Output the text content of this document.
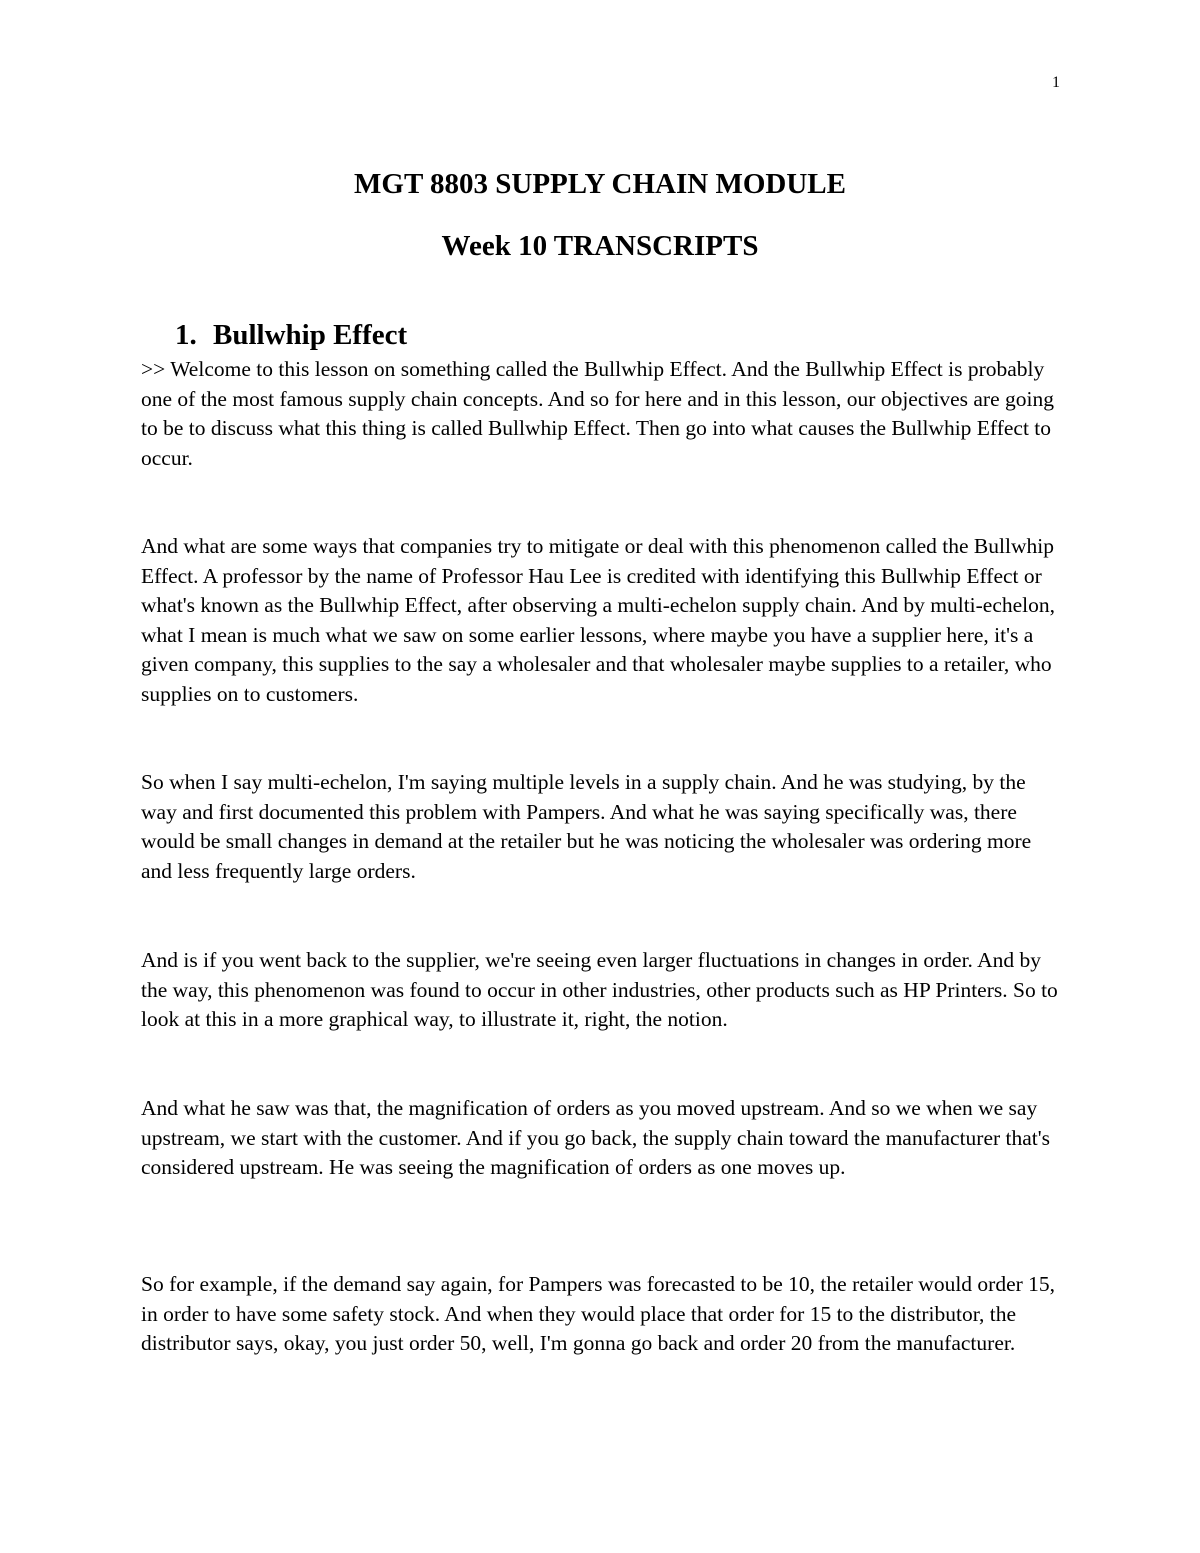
1
MGT 8803 SUPPLY CHAIN MODULE
Week 10 TRANSCRIPTS
1. Bullwhip Effect

>> Welcome to this lesson on something called the Bullwhip Effect. And the Bullwhip Effect is probably one of the most famous supply chain concepts. And so for here and in this lesson, our objectives are going to be to discuss what this thing is called Bullwhip Effect. Then go into what causes the Bullwhip Effect to occur.

And what are some ways that companies try to mitigate or deal with this phenomenon called the Bullwhip Effect. A professor by the name of Professor Hau Lee is credited with identifying this Bullwhip Effect or what's known as the Bullwhip Effect, after observing a multi-echelon supply chain. And by multi-echelon, what I mean is much what we saw on some earlier lessons, where maybe you have a supplier here, it's a given company, this supplies to the say a wholesaler and that wholesaler maybe supplies to a retailer, who supplies on to customers.

So when I say multi-echelon, I'm saying multiple levels in a supply chain. And he was studying, by the way and first documented this problem with Pampers. And what he was saying specifically was, there would be small changes in demand at the retailer but he was noticing the wholesaler was ordering more and less frequently large orders.

And is if you went back to the supplier, we're seeing even larger fluctuations in changes in order. And by the way, this phenomenon was found to occur in other industries, other products such as HP Printers. So to look at this in a more graphical way, to illustrate it, right, the notion.

And what he saw was that, the magnification of orders as you moved upstream. And so we when we say upstream, we start with the customer. And if you go back, the supply chain toward the manufacturer that's considered upstream. He was seeing the magnification of orders as one moves up.

So for example, if the demand say again, for Pampers was forecasted to be 10, the retailer would order 15, in order to have some safety stock. And when they would place that order for 15 to the distributor, the distributor says, okay, you just order 50, well, I'm gonna go back and order 20 from the manufacturer.
